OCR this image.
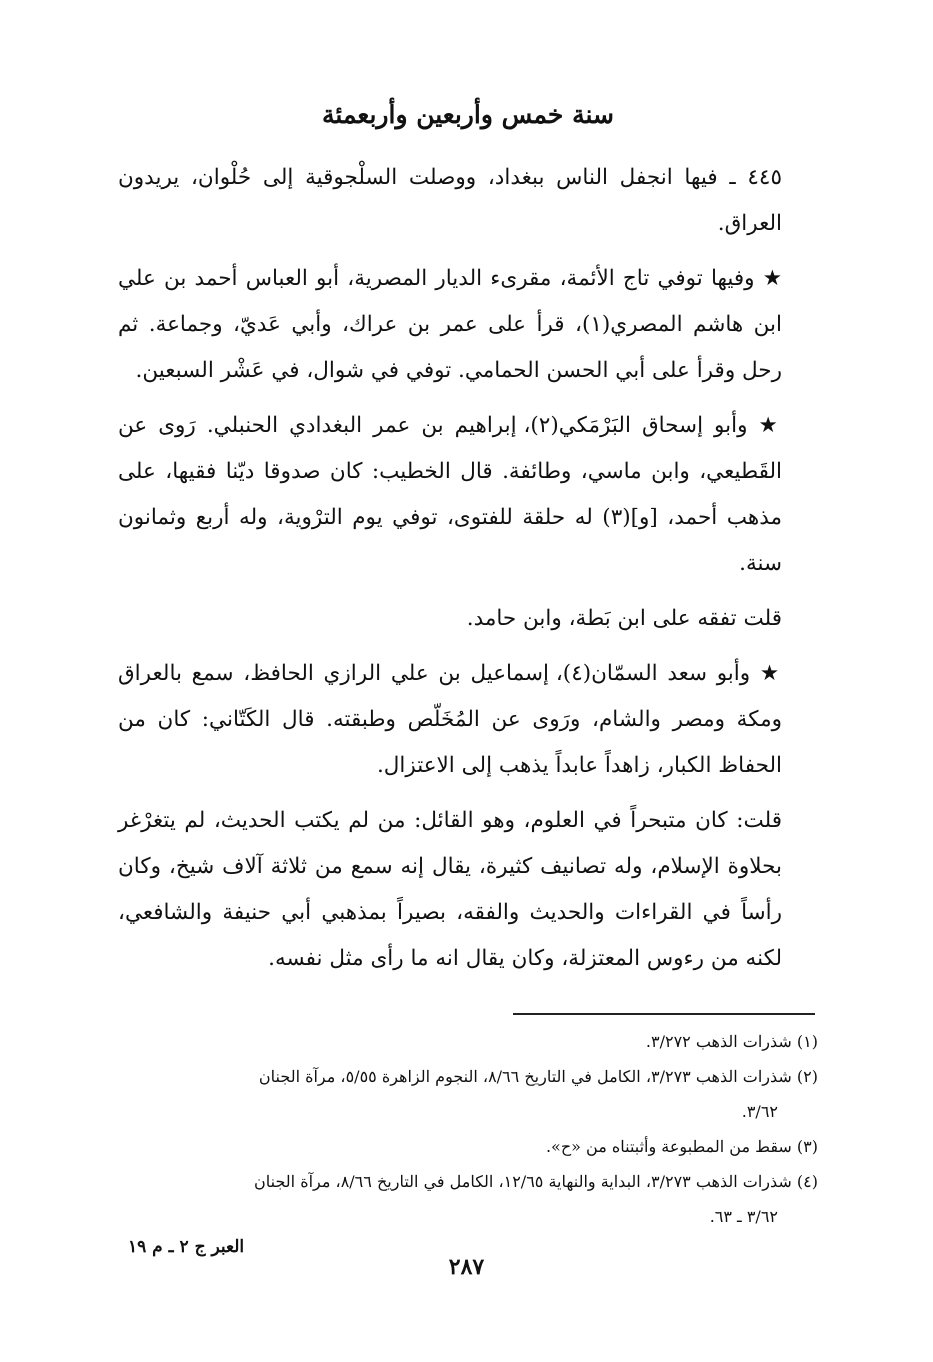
سنة خمس وأربعين وأربعمئة

٤٤٥ ـ فيها انجفل الناس ببغداد، ووصلت السلْجوقية إلى حُلْوان، يريدون العراق.

★ وفيها توفي تاج الأئمة، مقرىء الديار المصرية، أبو العباس أحمد بن علي ابن هاشم المصري(١)، قرأ على عمر بن عراك، وأبي عَديّ، وجماعة. ثم رحل وقرأ على أبي الحسن الحمامي. توفي في شوال، في عَشْر السبعين.

★ وأبو إسحاق البَرْمَكي(٢)، إبراهيم بن عمر البغدادي الحنبلي. رَوى عن القَطيعي، وابن ماسي، وطائفة. قال الخطيب: كان صدوقا ديّنا فقيها، على مذهب أحمد، [و](٣) له حلقة للفتوى، توفي يوم الترْوية، وله أربع وثمانون سنة.

قلت تفقه على ابن بَطة، وابن حامد.

★ وأبو سعد السمّان(٤)، إسماعيل بن علي الرازي الحافظ، سمع بالعراق ومكة ومصر والشام، ورَوى عن المُخَلّص وطبقته. قال الكَتّاني: كان من الحفاظ الكبار، زاهداً عابداً يذهب إلى الاعتزال.

قلت: كان متبحراً في العلوم، وهو القائل: من لم يكتب الحديث، لم يتغرْغر بحلاوة الإسلام، وله تصانيف كثيرة، يقال إنه سمع من ثلاثة آلاف شيخ، وكان رأساً في القراءات والحديث والفقه، بصيراً بمذهبي أبي حنيفة والشافعي، لكنه من رءوس المعتزلة، وكان يقال انه ما رأى مثل نفسه.

(١) شذرات الذهب ٣/٢٧٢.

(٢) شذرات الذهب ٣/٢٧٣، الكامل في التاريخ ٨/٦٦، النجوم الزاهرة ٥/٥٥، مرآة الجنان

٣/٦٢.

(٣) سقط من المطبوعة وأثبتناه من «ح».

(٤) شذرات الذهب ٣/٢٧٣، البداية والنهاية ١٢/٦٥، الكامل في التاريخ ٨/٦٦، مرآة الجنان

٣/٦٢ ـ ٦٣.

٢٨٧
العبر ج ٢ ـ م ١٩
